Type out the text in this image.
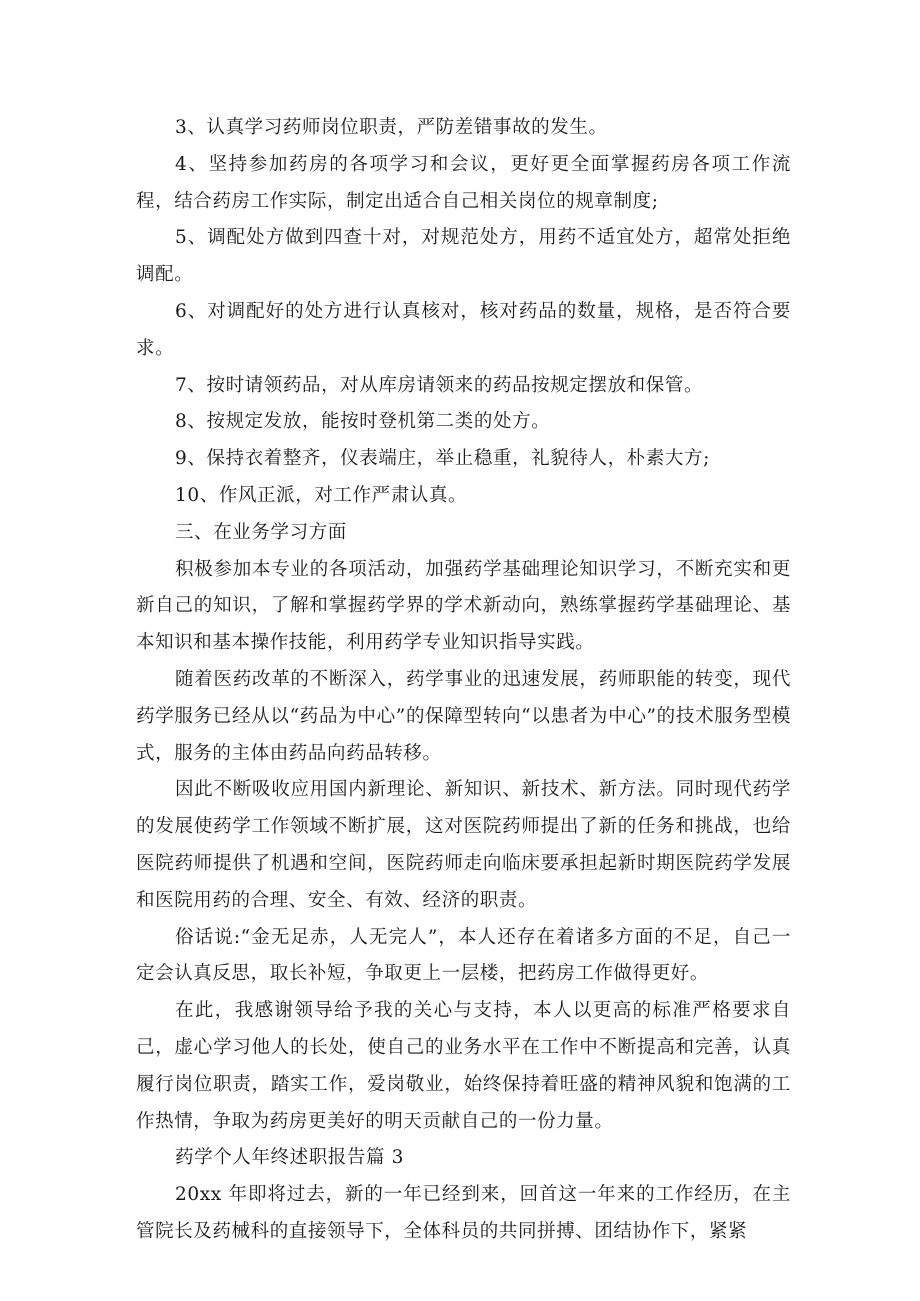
3、认真学习药师岗位职责，严防差错事故的发生。

4、坚持参加药房的各项学习和会议，更好更全面掌握药房各项工作流程，结合药房工作实际，制定出适合自己相关岗位的规章制度;

5、调配处方做到四查十对，对规范处方，用药不适宜处方，超常处拒绝调配。

6、对调配好的处方进行认真核对，核对药品的数量，规格，是否符合要求。

7、按时请领药品，对从库房请领来的药品按规定摆放和保管。

8、按规定发放，能按时登机第二类的处方。

9、保持衣着整齐，仪表端庄，举止稳重，礼貌待人，朴素大方;

10、作风正派，对工作严肃认真。

三、在业务学习方面

积极参加本专业的各项活动，加强药学基础理论知识学习，不断充实和更新自己的知识，了解和掌握药学界的学术新动向，熟练掌握药学基础理论、基本知识和基本操作技能，利用药学专业知识指导实践。

随着医药改革的不断深入，药学事业的迅速发展，药师职能的转变，现代药学服务已经从以“药品为中心”的保障型转向“以患者为中心”的技术服务型模式，服务的主体由药品向药品转移。

因此不断吸收应用国内新理论、新知识、新技术、新方法。同时现代药学的发展使药学工作领域不断扩展，这对医院药师提出了新的任务和挑战，也给医院药师提供了机遇和空间，医院药师走向临床要承担起新时期医院药学发展和医院用药的合理、安全、有效、经济的职责。

俗话说:“金无足赤，人无完人”，本人还存在着诸多方面的不足，自己一定会认真反思，取长补短，争取更上一层楼，把药房工作做得更好。

在此，我感谢领导给予我的关心与支持，本人以更高的标准严格要求自己，虚心学习他人的长处，使自己的业务水平在工作中不断提高和完善，认真履行岗位职责，踏实工作，爱岗敬业，始终保持着旺盛的精神风貌和饱满的工作热情，争取为药房更美好的明天贡献自己的一份力量。

药学个人年终述职报告篇 3

20xx 年即将过去，新的一年已经到来，回首这一年来的工作经历，在主管院长及药械科的直接领导下，全体科员的共同拼搏、团结协作下，紧紧
